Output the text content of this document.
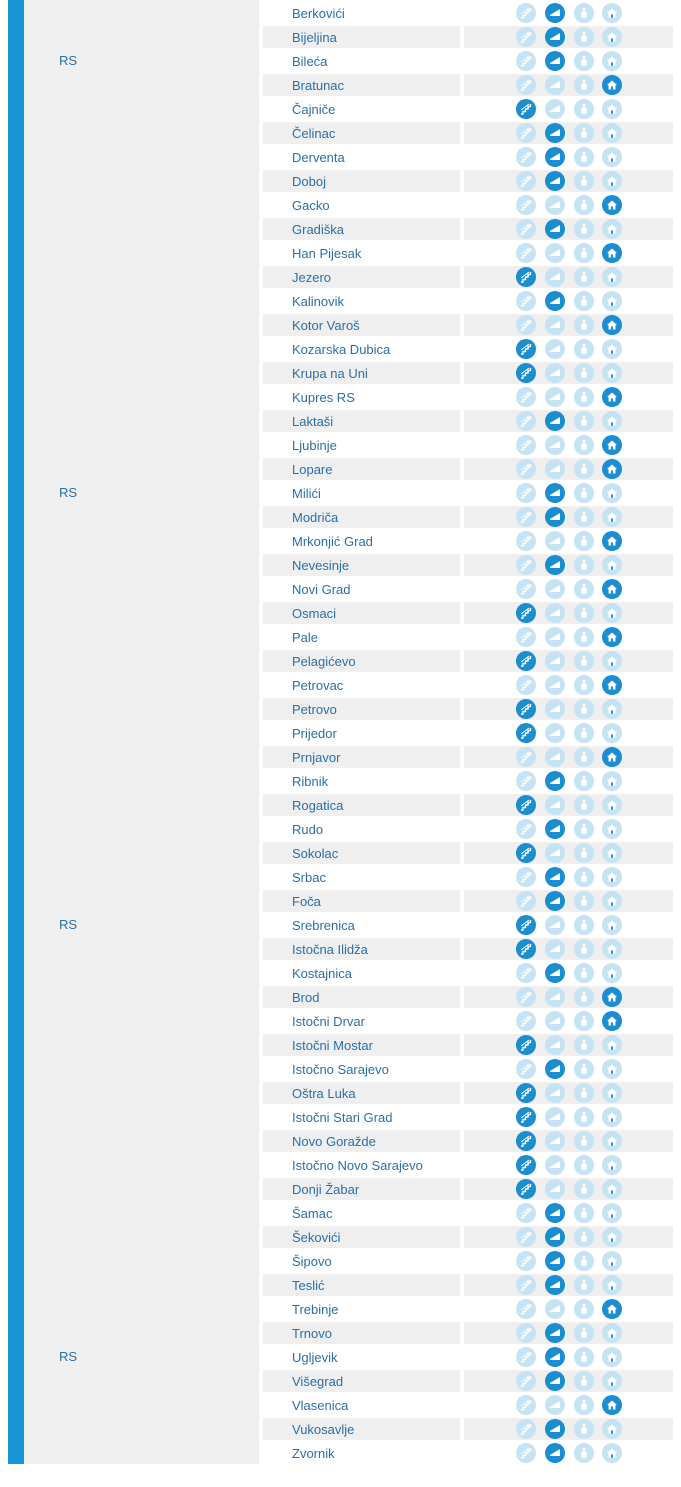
RS
RS
RS
RS
Berkovići
Bijeljina
Bileća
Bratunac
Čajniče
Čelinac
Derventa
Doboj
Gacko
Gradiška
Han Pijesak
Jezero
Kalinovik
Kotor Varoš
Kozarska Dubica
Krupa na Uni
Kupres RS
Laktaši
Ljubinje
Lopare
Milići
Modriča
Mrkonjić Grad
Nevesinje
Novi Grad
Osmaci
Pale
Pelagićevo
Petrovac
Petrovo
Prijedor
Prnjavor
Ribnik
Rogatica
Rudo
Sokolac
Srbac
Foča
Srebrenica
Istočna Ilidža
Kostajnica
Brod
Istočni Drvar
Istočni Mostar
Istočno Sarajevo
Oštra Luka
Istočni Stari Grad
Novo Goražde
Istočno Novo Sarajevo
Donji Žabar
Šamac
Šekovići
Šipovo
Teslić
Trebinje
Trnovo
Ugljevik
Višegrad
Vlasenica
Vukosavlje
Zvornik
